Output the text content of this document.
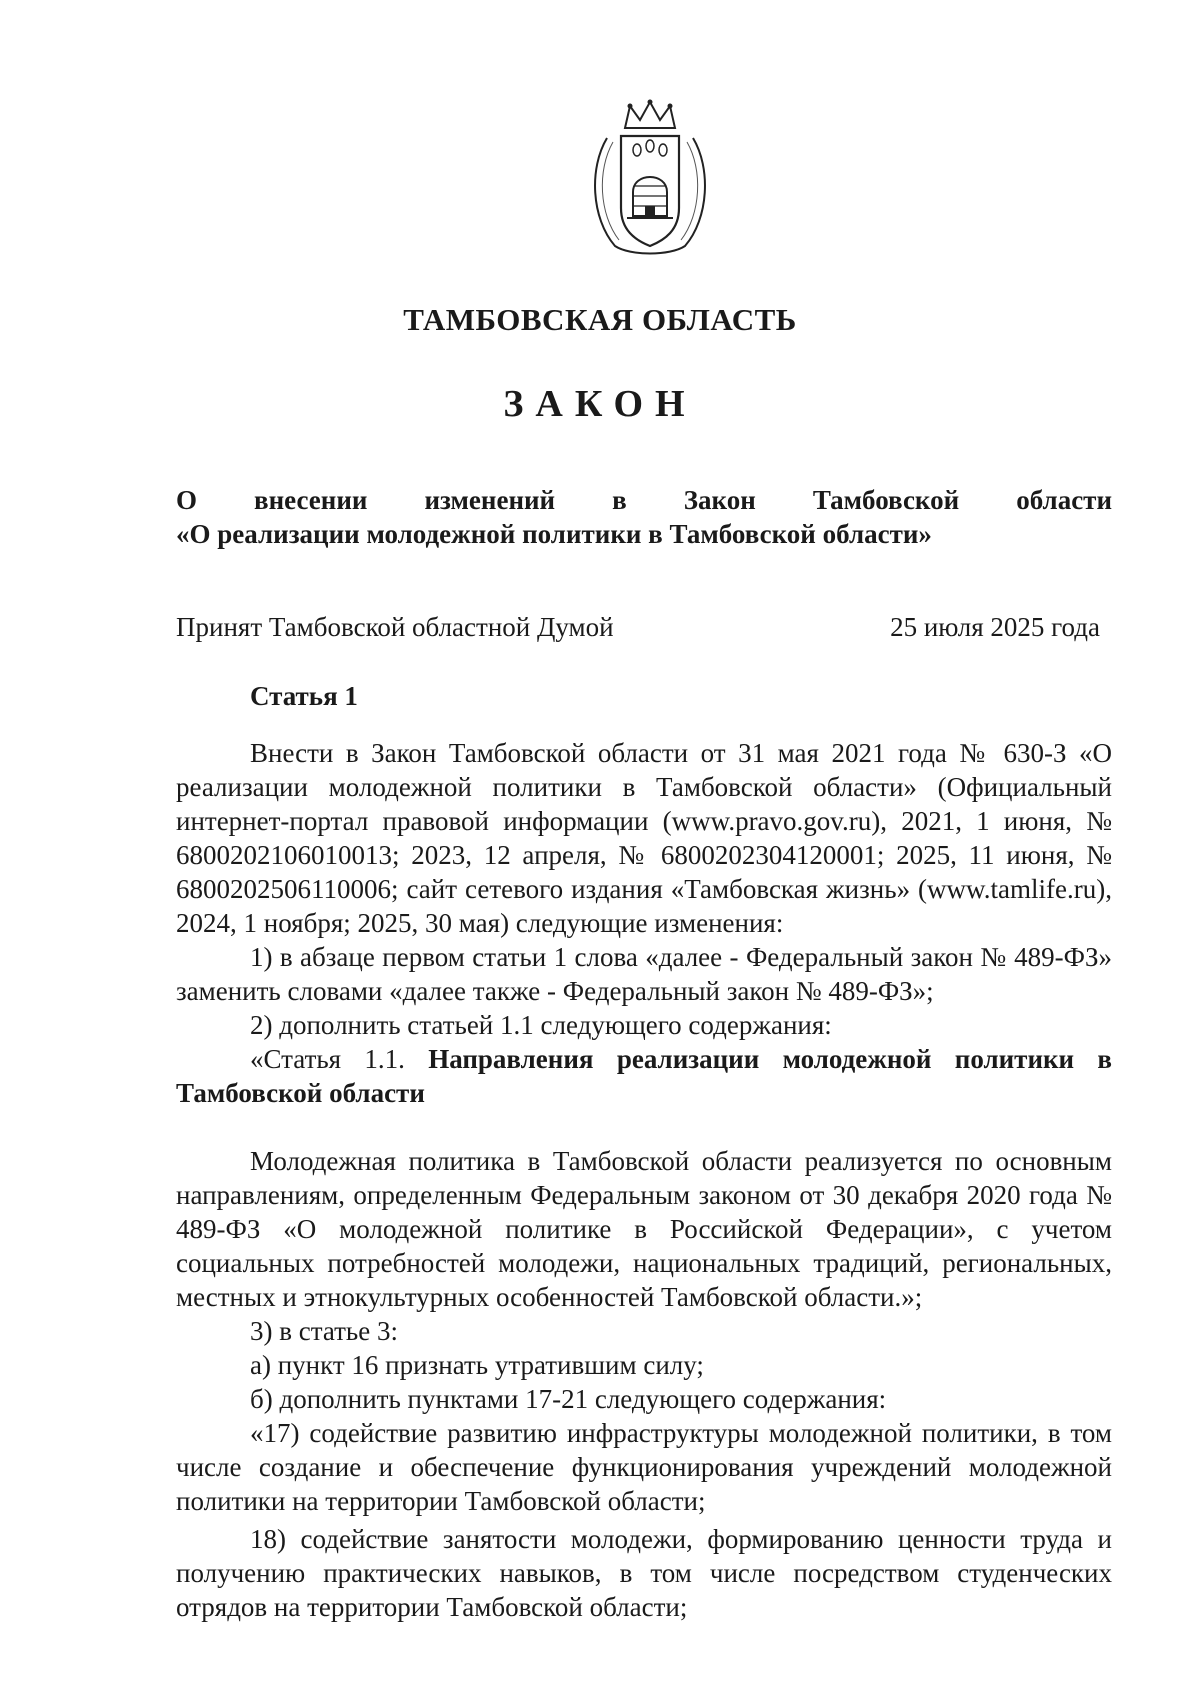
ТАМБОВСКАЯ ОБЛАСТЬ
ЗАКОН
О внесении изменений в Закон Тамбовской области
«О реализации молодежной политики в Тамбовской области»
Принят Тамбовской областной Думой	25 июля 2025 года
Статья 1

Внести в Закон Тамбовской области от 31 мая 2021 года № 630-З «О реализации молодежной политики в Тамбовской области» (Официальный интернет-портал правовой информации (www.pravo.gov.ru), 2021, 1 июня, № 6800202106010013; 2023, 12 апреля, № 6800202304120001; 2025, 11 июня, № 6800202506110006; сайт сетевого издания «Тамбовская жизнь» (www.tamlife.ru), 2024, 1 ноября; 2025, 30 мая) следующие изменения:

1) в абзаце первом статьи 1 слова «далее - Федеральный закон № 489-ФЗ» заменить словами «далее также - Федеральный закон № 489-ФЗ»;

2) дополнить статьей 1.1 следующего содержания:

«Статья 1.1. Направления реализации молодежной политики в Тамбовской области

Молодежная политика в Тамбовской области реализуется по основным направлениям, определенным Федеральным законом от 30 декабря 2020 года № 489-ФЗ «О молодежной политике в Российской Федерации», с учетом социальных потребностей молодежи, национальных традиций, региональных, местных и этнокультурных особенностей Тамбовской области.»;

3) в статье 3:

а) пункт 16 признать утратившим силу;

б) дополнить пунктами 17-21 следующего содержания:

«17) содействие развитию инфраструктуры молодежной политики, в том числе создание и обеспечение функционирования учреждений молодежной политики на территории Тамбовской области;

18) содействие занятости молодежи, формированию ценности труда и получению практических навыков, в том числе посредством студенческих отрядов на территории Тамбовской области;
